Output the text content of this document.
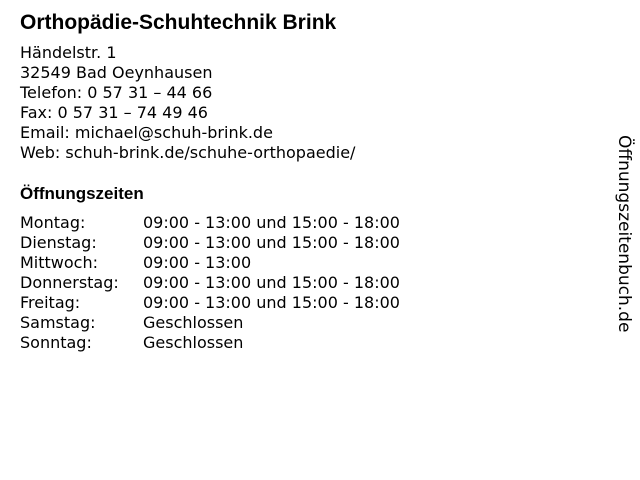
Orthopädie-Schuhtechnik Brink
Händelstr. 1
32549 Bad Oeynhausen
Telefon: 0 57 31 – 44 66
Fax: 0 57 31 – 74 49 46
Email: michael@schuh-brink.de
Web: schuh-brink.de/schuhe-orthopaedie/
Öffnungszeiten
Montag:	09:00 - 13:00 und 15:00 - 18:00
Dienstag:	09:00 - 13:00 und 15:00 - 18:00
Mittwoch:	09:00 - 13:00
Donnerstag:	09:00 - 13:00 und 15:00 - 18:00
Freitag:	09:00 - 13:00 und 15:00 - 18:00
Samstag:	Geschlossen
Sonntag:	Geschlossen
Öffnungszeitenbuch.de
